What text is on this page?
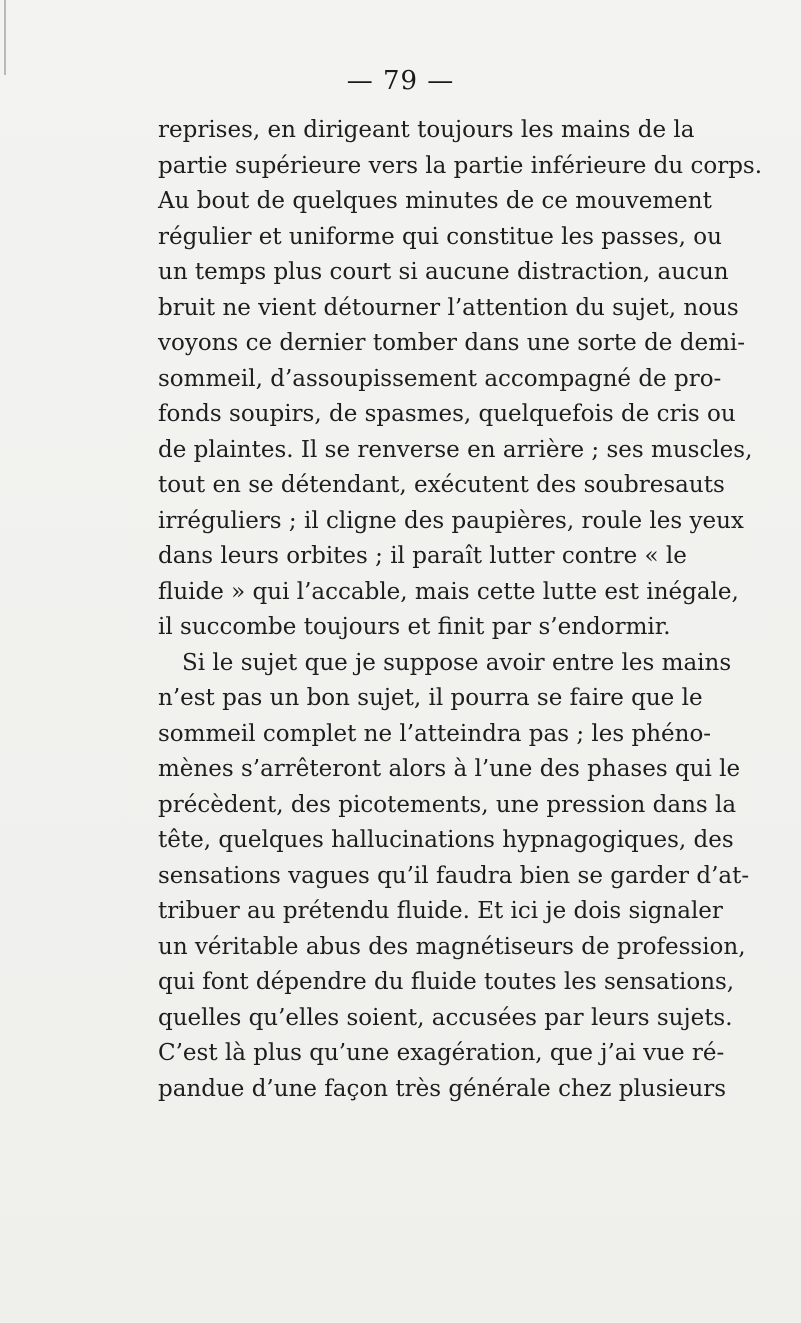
— 79 —
reprises, en dirigeant toujours les mains de la
partie supérieure vers la partie inférieure du corps.
Au bout de quelques minutes de ce mouvement
régulier et uniforme qui constitue les passes, ou
un temps plus court si aucune distraction, aucun
bruit ne vient détourner l’attention du sujet, nous
voyons ce dernier tomber dans une sorte de demi-
sommeil, d’assoupissement accompagné de pro-
fonds soupirs, de spasmes, quelquefois de cris ou
de plaintes. Il se renverse en arrière ; ses muscles,
tout en se détendant, exécutent des soubresauts
irréguliers ; il cligne des paupières, roule les yeux
dans leurs orbites ; il paraît lutter contre « le
fluide » qui l’accable, mais cette lutte est inégale,
il succombe toujours et finit par s’endormir.
Si le sujet que je suppose avoir entre les mains
n’est pas un bon sujet, il pourra se faire que le
sommeil complet ne l’atteindra pas ; les phéno-
mènes s’arrêteront alors à l’une des phases qui le
précèdent, des picotements, une pression dans la
tête, quelques hallucinations hypnagogiques, des
sensations vagues qu’il faudra bien se garder d’at-
tribuer au prétendu fluide. Et ici je dois signaler
un véritable abus des magnétiseurs de profession,
qui font dépendre du fluide toutes les sensations,
quelles qu’elles soient, accusées par leurs sujets.
C’est là plus qu’une exagération, que j’ai vue ré-
pandue d’une façon très générale chez plusieurs
